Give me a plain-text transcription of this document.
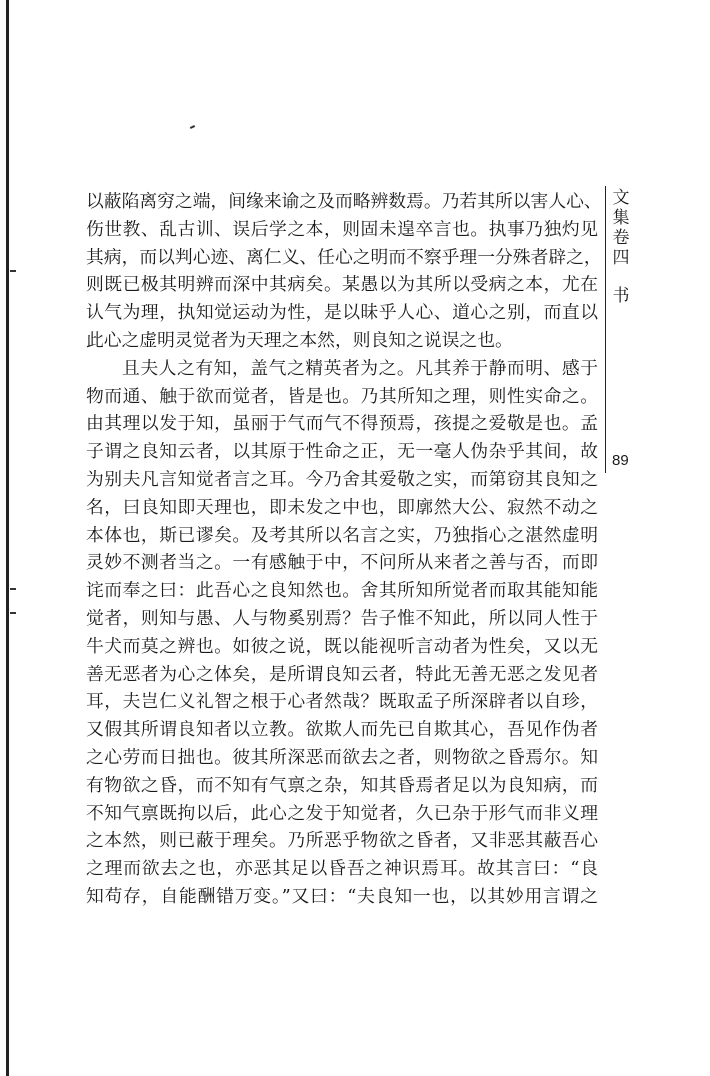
以蔽陷离穷之端，间缘来谕之及而略辨数焉。乃若其所以害人心、
伤世教、乱古训、误后学之本，则固未遑卒言也。执事乃独灼见
其病，而以判心迹、离仁义、任心之明而不察乎理一分殊者辟之，
则既已极其明辨而深中其病矣。某愚以为其所以受病之本，尤在
认气为理，执知觉运动为性，是以昧乎人心、道心之别，而直以
此心之虚明灵觉者为天理之本然，则良知之说误之也。
且夫人之有知，盖气之精英者为之。凡其养于静而明、感于
物而通、触于欲而觉者，皆是也。乃其所知之理，则性实命之。
由其理以发于知，虽丽于气而气不得预焉，孩提之爱敬是也。孟
子谓之良知云者，以其原于性命之正，无一毫人伪杂乎其间，故
为别夫凡言知觉者言之耳。今乃舍其爱敬之实，而第窃其良知之
名，曰良知即天理也，即未发之中也，即廓然大公、寂然不动之
本体也，斯已谬矣。及考其所以名言之实，乃独指心之湛然虚明
灵妙不测者当之。一有感触于中，不问所从来者之善与否，而即
诧而奉之曰：此吾心之良知然也。舍其所知所觉者而取其能知能
觉者，则知与愚、人与物奚别焉？告子惟不知此，所以同人性于
牛犬而莫之辨也。如彼之说，既以能视听言动者为性矣，又以无
善无恶者为心之体矣，是所谓良知云者，特此无善无恶之发见者
耳，夫岂仁义礼智之根于心者然哉？既取孟子所深辟者以自珍，
又假其所谓良知者以立教。欲欺人而先已自欺其心，吾见作伪者
之心劳而日拙也。彼其所深恶而欲去之者，则物欲之昏焉尔。知
有物欲之昏，而不知有气禀之杂，知其昏焉者足以为良知病，而
不知气禀既拘以后，此心之发于知觉者，久已杂于形气而非义理
之本然，则已蔽于理矣。乃所恶乎物欲之昏者，又非恶其蔽吾心
之理而欲去之也，亦恶其足以昏吾之神识焉耳。故其言曰：“良
知苟存，自能酬错万变。”又曰：“夫良知一也，以其妙用言谓之
文
集
卷
四
书
89
